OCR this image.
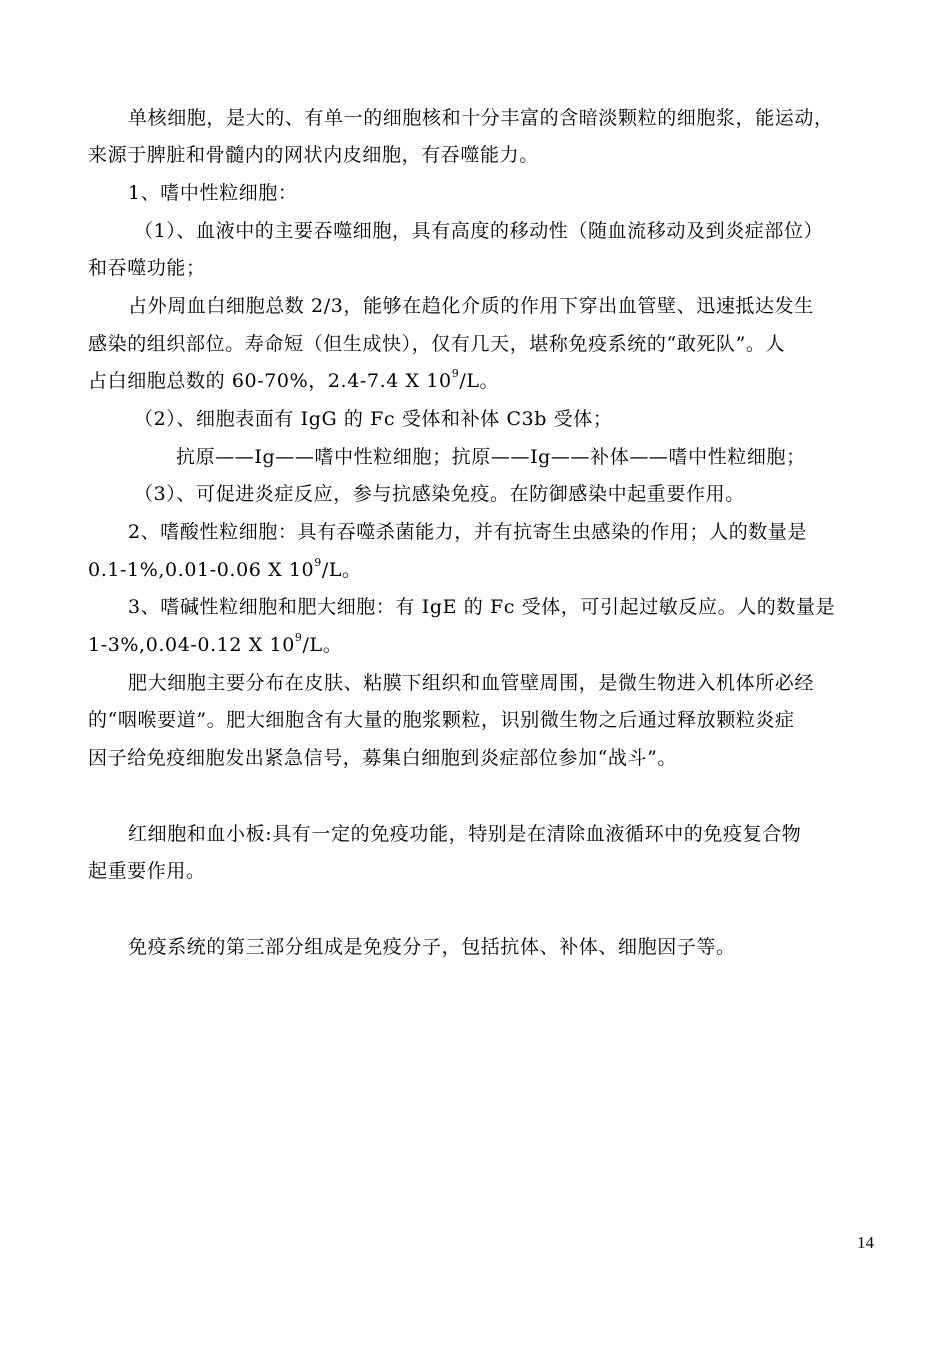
单核细胞，是大的、有单一的细胞核和十分丰富的含暗淡颗粒的细胞浆，能运动，
来源于脾脏和骨髓内的网状内皮细胞，有吞噬能力。
1、嗜中性粒细胞：
（1）、血液中的主要吞噬细胞，具有高度的移动性（随血流移动及到炎症部位）
和吞噬功能；
占外周血白细胞总数 2/3，能够在趋化介质的作用下穿出血管壁、迅速抵达发生
感染的组织部位。寿命短（但生成快），仅有几天，堪称免疫系统的“敢死队”。人
占白细胞总数的 60-70%，2.4-7.4 X $10^9/L$。
（2）、细胞表面有 IgG 的 Fc 受体和补体 C3b 受体；
抗原——Ig——嗜中性粒细胞；抗原——Ig——补体——嗜中性粒细胞；
（3）、可促进炎症反应，参与抗感染免疫。在防御感染中起重要作用。
2、嗜酸性粒细胞：具有吞噬杀菌能力，并有抗寄生虫感染的作用；人的数量是
0.1-1%,0.01-0.06 X $10^9/L$。
3、嗜碱性粒细胞和肥大细胞：有 IgE 的 Fc 受体，可引起过敏反应。人的数量是
1-3%,0.04-0.12 X $10^9/L$。
肥大细胞主要分布在皮肤、粘膜下组织和血管壁周围，是微生物进入机体所必经
的“咽喉要道”。肥大细胞含有大量的胞浆颗粒，识别微生物之后通过释放颗粒炎症
因子给免疫细胞发出紧急信号，募集白细胞到炎症部位参加“战斗”。
红细胞和血小板:具有一定的免疫功能，特别是在清除血液循环中的免疫复合物
起重要作用。
免疫系统的第三部分组成是免疫分子，包括抗体、补体、细胞因子等。
14
